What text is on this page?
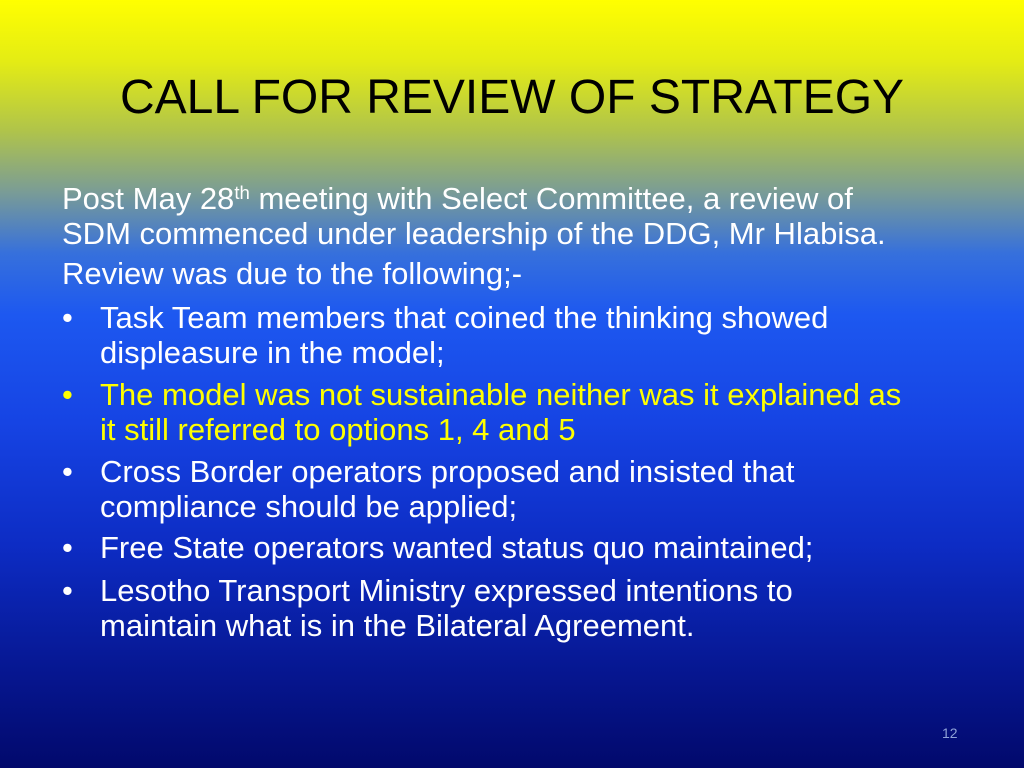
CALL FOR REVIEW OF STRATEGY
Post May 28th meeting with Select Committee, a review of
SDM commenced under leadership of the DDG, Mr Hlabisa.
Review was due to the following;-
• Task Team members that coined the thinking showed
displeasure in the model;
• The model was not sustainable neither was it explained as
it still referred to options 1, 4 and 5
• Cross Border operators proposed and insisted that
compliance should be applied;
• Free State operators wanted status quo maintained;
• Lesotho Transport Ministry expressed intentions to
maintain what is in the Bilateral Agreement.
12
